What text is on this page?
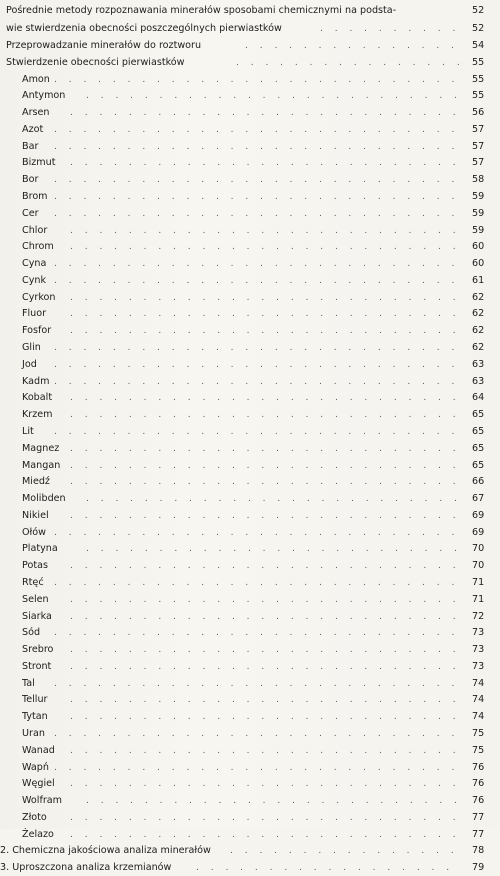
Pośrednie metody rozpoznawania minerałów sposobami chemicznymi na podsta-	52
wie stwierdzenia obecności poszczególnych pierwiastków . . .	52
Przeprowadzanie minerałów do roztworu . . .	54
Stwierdzenie obecności pierwiastków . . .	55
Amon . . .	55
Antymon . . .	55
Arsen . . .	56
Azot . . .	57
Bar . . .	57
Bizmut . . .	57
Bor . . .	58
Brom . . .	59
Cer . . .	59
Chlor . . .	59
Chrom . . .	60
Cyna . . .	60
Cynk . . .	61
Cyrkon . . .	62
Fluor . . .	62
Fosfor . . .	62
Glin . . .	62
Jod . . .	63
Kadm . . .	63
Kobalt . . .	64
Krzem . . .	65
Lit . . .	65
Magnez . . .	65
Mangan . . .	65
Miedź . . .	66
Molibden . . .	67
Nikiel . . .	69
Ołów . . .	69
Platyna . . .	70
Potas . . .	70
Rtęć . . .	71
Selen . . .	71
Siarka . . .	72
Sód . . .	73
Srebro . . .	73
Stront . . .	73
Tal . . .	74
Tellur . . .	74
Tytan . . .	74
Uran . . .	75
Wanad . . .	75
Wapń . . .	76
Węgiel . . .	76
Wolfram . . .	76
Złoto . . .	77
Żelazo . . .	77
2. Chemiczna jakościowa analiza minerałów . . .	78
3. Uproszczona analiza krzemianów . . .	79
